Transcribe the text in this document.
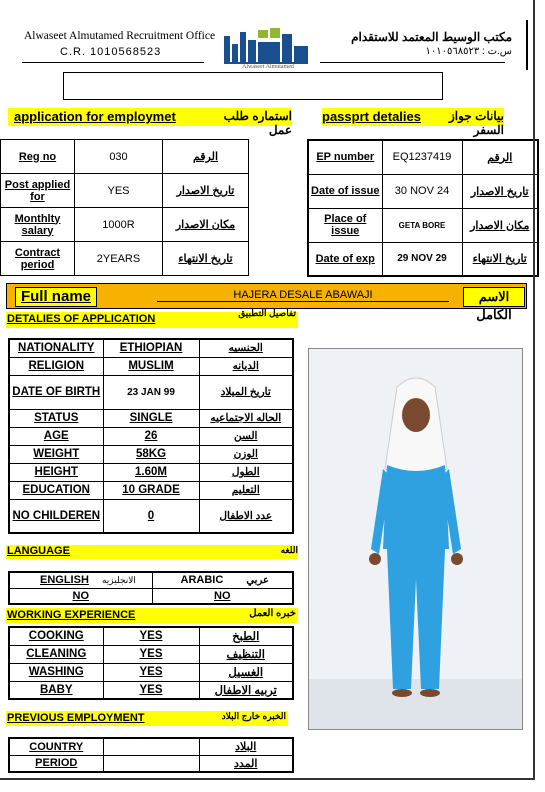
Alwaseet Almutamed Recruitment Office
C.R. 1010568523
مكتب الوسيط المعتمد للاستقدام
س.ت : ١٠١٠٥٦٨٥٢٣
Alwaseet Almutamed
application for employmet	استماره طلب عمل
passprt detalies	بيانات جواز السفر
Reg no	030	الرقم
Post applied for	YES	تاريخ الاصدار
Monthlty salary	1000R	مكان الاصدار
Contract period	2YEARS	تاريخ الانتهاء
EP number	EQ1237419	الرقم
Date of issue	30 NOV 24	تاريخ الاصدار
Place of issue	GETA BORE	مكان الاصدار
Date of exp	29 NOV 29	تاريخ الانتهاء
Full name	HAJERA DESALE ABAWAJI	الاسم الكامل
DETALIES OF APPLICATION	تفاصيل التطبيق
NATIONALITY	ETHIOPIAN	الجنسيه
RELIGION	MUSLIM	الديانه
DATE OF BIRTH	23 JAN 99	تاريخ الميلاد
STATUS	SINGLE	الحاله الاجتماعيه
AGE	26	السن
WEIGHT	58KG	الوزن
HEIGHT	1.60M	الطول
EDUCATION	10 GRADE	التعليم
NO CHILDEREN	0	عدد الاطفال
LANGUAGE	اللغه
ENGLISH الانجليزيه	ARABIC عربي
NO	NO
WORKING EXPERIENCE	خبره العمل
COOKING	YES	الطبخ
CLEANING	YES	التنظيف
WASHING	YES	الغسيل
BABY	YES	تربيه الاطفال
PREVIOUS EMPLOYMENT	الخبره خارج البلاد
COUNTRY		البلاد
PERIOD		المدد
